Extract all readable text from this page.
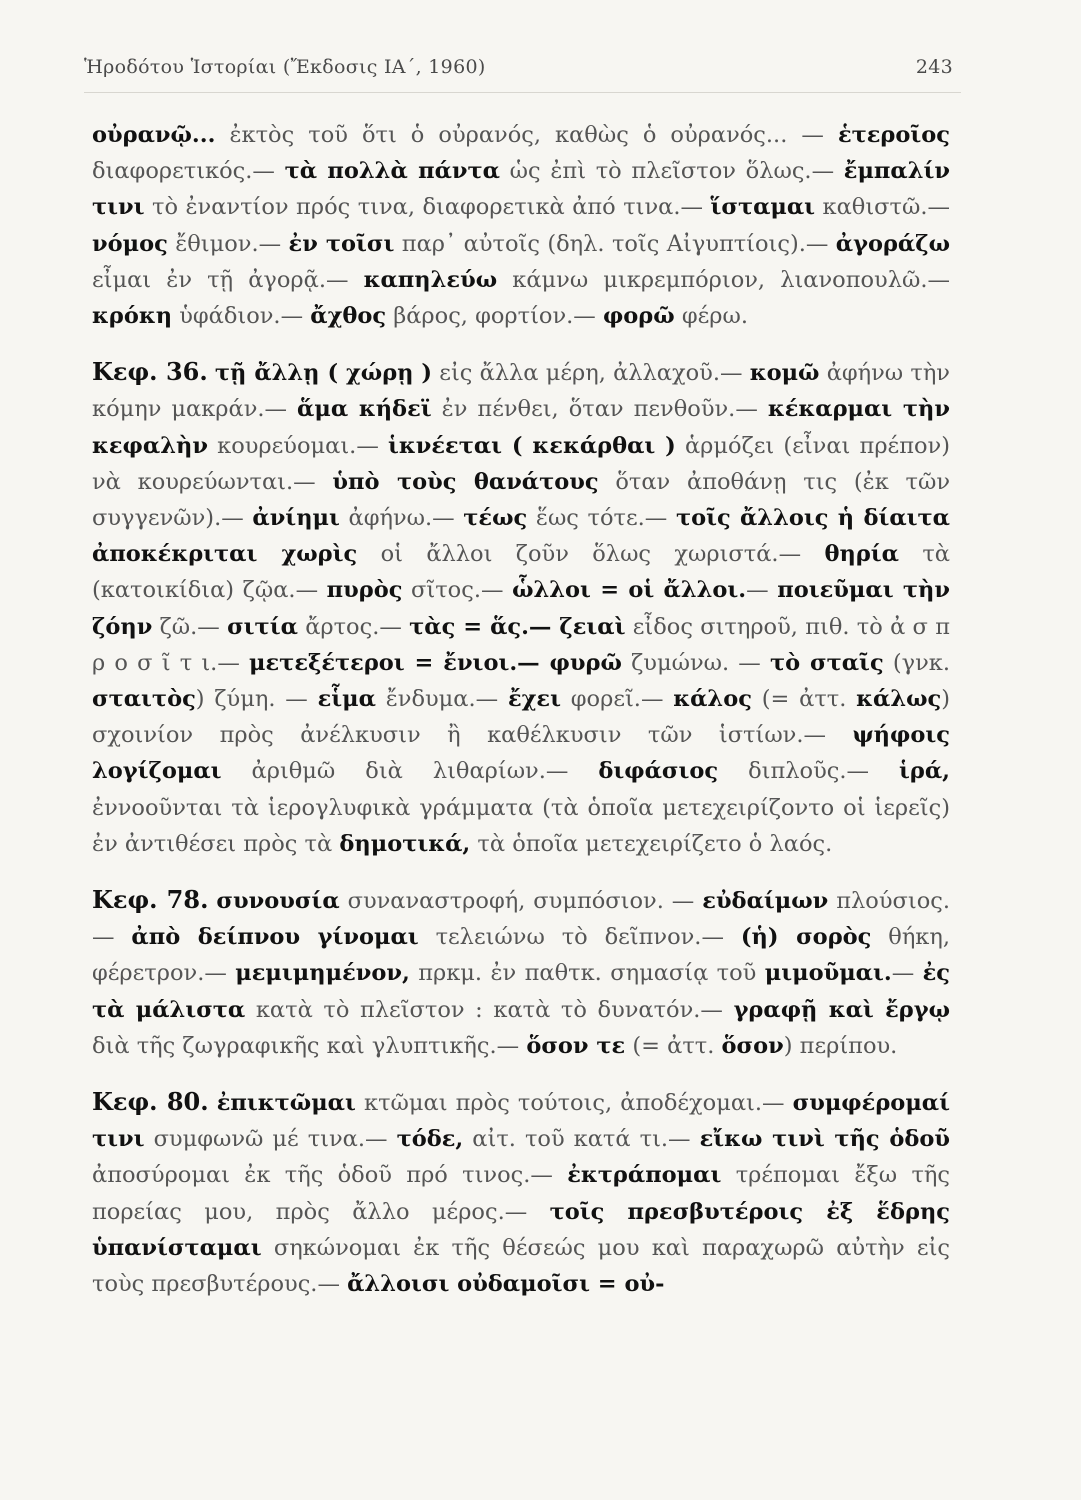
Ἡροδότου Ἱστορίαι (Ἔκδοσις ΙΑ΄, 1960)	243

οὐρανῷ... ἐκτὸς τοῦ ὅτι ὁ οὐρανός, καθὼς ὁ οὐρανός... — ἑτεροῖος διαφορετικός.— τὰ πολλὰ πάντα ὡς ἐπὶ τὸ πλεῖστον ὅλως.— ἔμπαλίν τινι τὸ ἐναντίον πρός τινα, διαφορετικὰ ἀπό τινα.— ἵσταμαι καθιστῶ.— νόμος ἔθιμον.— ἐν τοῖσι παρ᾽ αὐτοῖς (δηλ. τοῖς Αἰγυπτίοις).— ἀγοράζω εἶμαι ἐν τῇ ἀγορᾷ.— καπηλεύω κάμνω μικρεμπόριον, λιανοπουλῶ.— κρόκη ὑφάδιον.— ἄχθος βάρος, φορτίον.— φορῶ φέρω.

Κεφ. 36. τῇ ἄλλῃ ( χώρῃ ) εἰς ἄλλα μέρη, ἀλλαχοῦ.— κομῶ ἀφήνω τὴν κόμην μακράν.— ἅμα κήδεϊ ἐν πένθει, ὅταν πενθοῦν.— κέκαρμαι τὴν κεφαλὴν κουρεύομαι.— ἱκνέεται ( κεκάρθαι ) ἁρμόζει (εἶναι πρέπον) νὰ κουρεύωνται.— ὑπὸ τοὺς θανάτους ὅταν ἀποθάνῃ τις (ἐκ τῶν συγγενῶν).— ἀνίημι ἀφήνω.— τέως ἕως τότε.— τοῖς ἄλλοις ἡ δίαιτα ἀποκέκριται χωρὶς οἱ ἄλλοι ζοῦν ὅλως χωριστά.— θηρία τὰ (κατοικίδια) ζῷα.— πυρὸς σῖτος.— ὧλλοι = οἱ ἄλλοι.— ποιεῦμαι τὴν ζόην ζῶ.— σιτία ἄρτος.— τὰς = ἅς.— ζειαὶ εἶδος σιτηροῦ, πιθ. τὸ ἀ σ π ρ ο σ ῖ τ ι.— μετεξέτεροι = ἔνιοι.— φυρῶ ζυμώνω. — τὸ σταῖς (γνκ. σταιτὸς) ζύμη. — εἷμα ἔνδυμα.— ἔχει φορεῖ.— κάλος (= ἀττ. κάλως) σχοινίον πρὸς ἀνέλκυσιν ἢ καθέλκυσιν τῶν ἱστίων.— ψήφοις λογίζομαι ἀριθμῶ διὰ λιθαρίων.— διφάσιος διπλοῦς.— ἱρά, ἐννοοῦνται τὰ ἱερογλυφικὰ γράμματα (τὰ ὁποῖα μετεχειρίζοντο οἱ ἱερεῖς) ἐν ἀντιθέσει πρὸς τὰ δημοτικά, τὰ ὁποῖα μετεχειρίζετο ὁ λαός.

Κεφ. 78. συνουσία συναναστροφή, συμπόσιον. — εὐδαίμων πλούσιος.— ἀπὸ δείπνου γίνομαι τελειώνω τὸ δεῖπνον.— (ἡ) σορὸς θήκη, φέρετρον.— μεμιμημένον, πρκμ. ἐν παθτκ. σημασίᾳ τοῦ μιμοῦμαι.— ἐς τὰ μάλιστα κατὰ τὸ πλεῖστον : κατὰ τὸ δυνατόν.— γραφῇ καὶ ἔργῳ διὰ τῆς ζωγραφικῆς καὶ γλυπτικῆς.— ὅσον τε (= ἀττ. ὅσον) περίπου.

Κεφ. 80. ἐπικτῶμαι κτῶμαι πρὸς τούτοις, ἀποδέχομαι.— συμφέρομαί τινι συμφωνῶ μέ τινα.— τόδε, αἰτ. τοῦ κατά τι.— εἴκω τινὶ τῆς ὁδοῦ ἀποσύρομαι ἐκ τῆς ὁδοῦ πρό τινος.— ἐκτράπομαι τρέπομαι ἔξω τῆς πορείας μου, πρὸς ἄλλο μέρος.— τοῖς πρεσβυτέροις ἐξ ἕδρης ὑπανίσταμαι σηκώνομαι ἐκ τῆς θέσεώς μου καὶ παραχωρῶ αὐτὴν εἰς τοὺς πρεσβυτέρους.— ἄλλοισι οὐδαμοῖσι = οὐ-
